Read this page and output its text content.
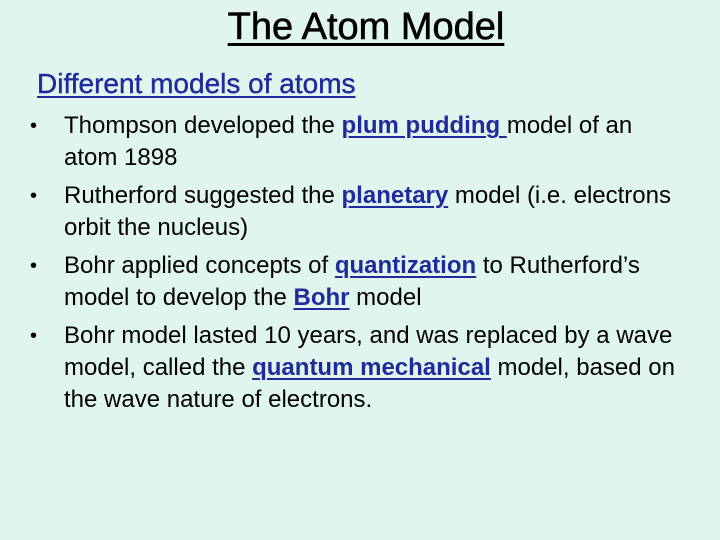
The Atom Model
Different models of atoms
• Thompson developed the plum pudding model of an atom 1898
• Rutherford suggested the planetary model (i.e. electrons orbit the nucleus)
• Bohr applied concepts of quantization to Rutherford’s model to develop the Bohr model
• Bohr model lasted 10 years, and was replaced by a wave model, called the quantum mechanical model, based on the wave nature of electrons.
